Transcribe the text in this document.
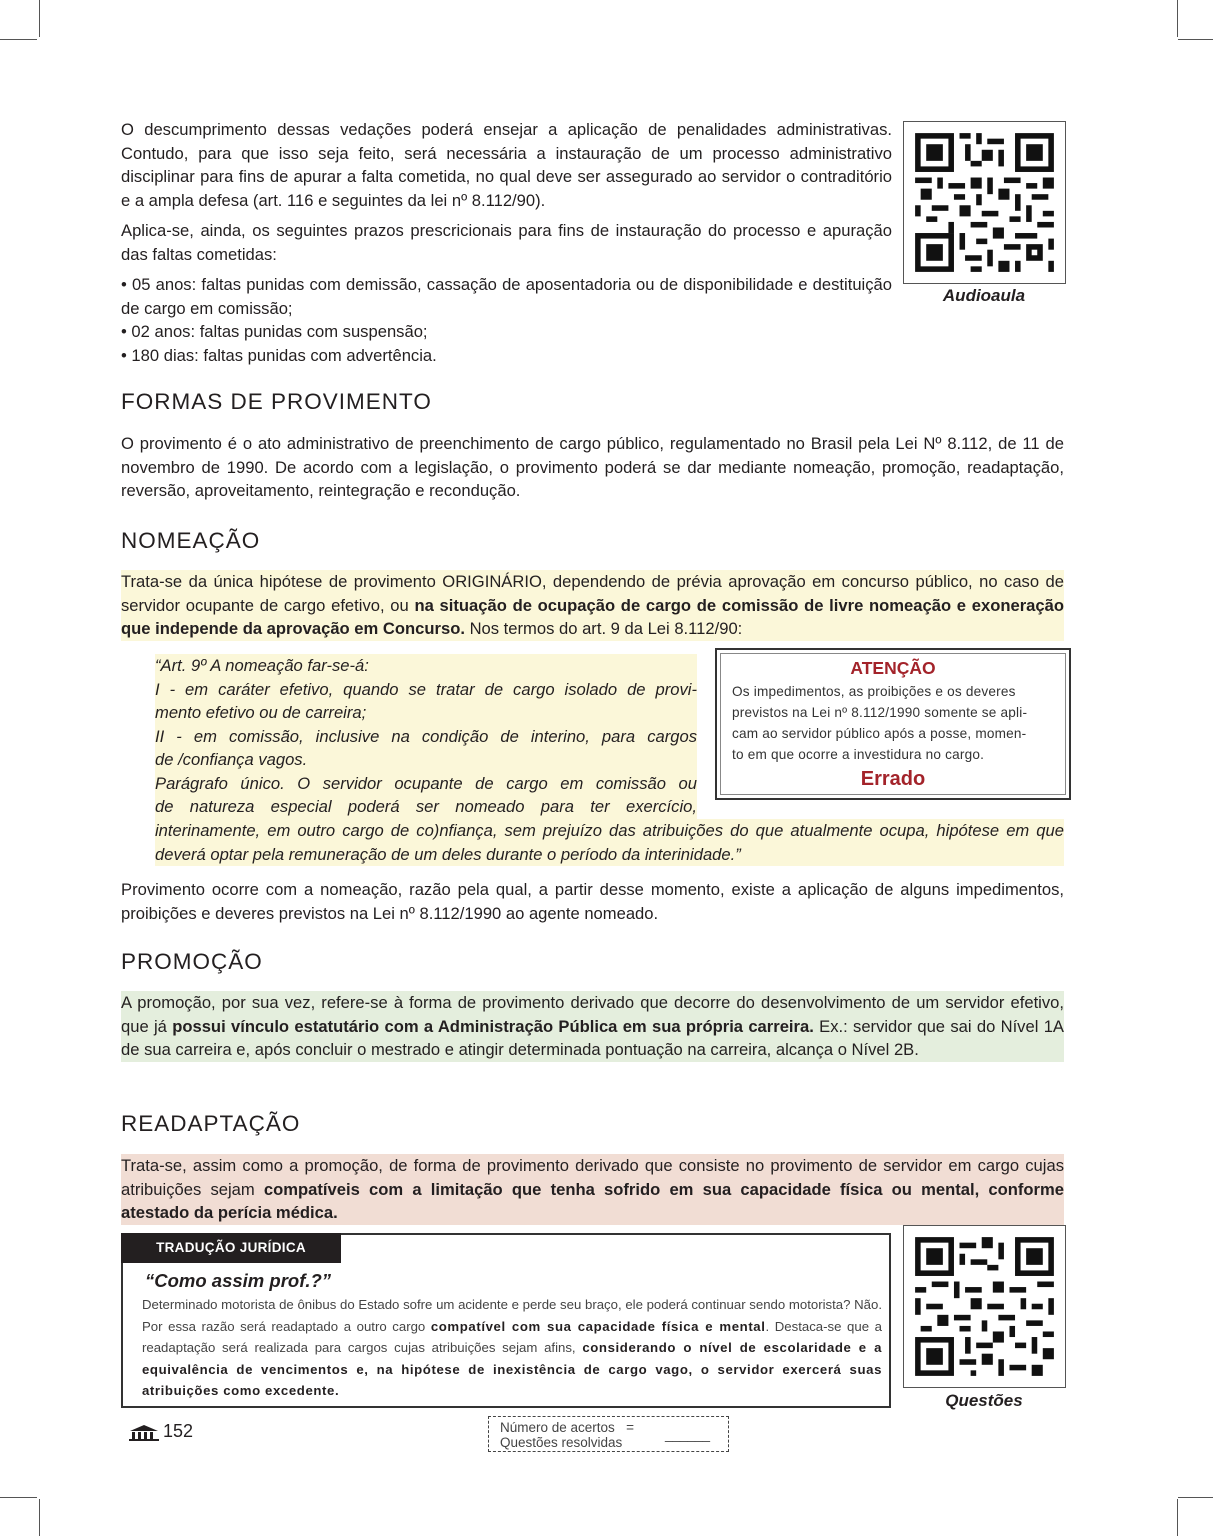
O descumprimento dessas vedações poderá ensejar a aplicação de penalidades administrativas. Contudo, para que isso seja feito, será necessária a instauração de um processo administrativo disciplinar para fins de apurar a falta cometida, no qual deve ser assegurado ao servidor o contraditório e a ampla defesa (art. 116 e seguintes da lei nº 8.112/90).

Aplica-se, ainda, os seguintes prazos prescricionais para fins de instauração do processo e apuração das faltas cometidas:

• 05 anos: faltas punidas com demissão, cassação de aposentadoria ou de disponibilidade e destituição de cargo em comissão;

• 02 anos: faltas punidas com suspensão;

• 180 dias: faltas punidas com advertência.

Audioaula
FORMAS DE PROVIMENTO
O provimento é o ato administrativo de preenchimento de cargo público, regulamentado no Brasil pela Lei Nº 8.112, de 11 de novembro de 1990. De acordo com a legislação, o provimento poderá se dar mediante nomeação, promoção, readaptação, reversão, aproveitamento, reintegração e recondução.
NOMEAÇÃO
Trata-se da única hipótese de provimento ORIGINÁRIO, dependendo de prévia aprovação em concurso público, no caso de servidor ocupante de cargo efetivo, ou na situação de ocupação de cargo de comissão de livre nomeação e exoneração que independe da aprovação em Concurso. Nos termos do art. 9 da Lei 8.112/90:

“Art. 9º A nomeação far-se-á:

I - em caráter efetivo, quando se tratar de cargo isolado de provi-

mento efetivo ou de carreira;

II - em comissão, inclusive na condição de interino, para cargos

de /confiança vagos.

Parágrafo único. O servidor ocupante de cargo em comissão ou

de natureza especial poderá ser nomeado para ter exercício,

interinamente, em outro cargo de co)nfiança, sem prejuízo das atribuições do que atualmente ocupa, hipótese em que deverá optar pela remuneração de um deles durante o período da interinidade.”
ATENÇÃO
Os impedimentos, as proibições e os deveres
previstos na Lei nº 8.112/1990 somente se apli-
cam ao servidor público após a posse, momen-
to em que ocorre a investidura no cargo.
Errado
Provimento ocorre com a nomeação, razão pela qual, a partir desse momento, existe a aplicação de alguns impedimentos, proibições e deveres previstos na Lei nº 8.112/1990 ao agente nomeado.
PROMOÇÃO
A promoção, por sua vez, refere-se à forma de provimento derivado que decorre do desenvolvimento de um servidor efetivo, que já possui vínculo estatutário com a Administração Pública em sua própria carreira. Ex.: servidor que sai do Nível 1A de sua carreira e, após concluir o mestrado e atingir determinada pontuação na carreira, alcança o Nível 2B.
READAPTAÇÃO
Trata-se, assim como a promoção, de forma de provimento derivado que consiste no provimento de servidor em cargo cujas atribuições sejam compatíveis com a limitação que tenha sofrido em sua capacidade física ou mental, conforme atestado da perícia médica.
TRADUÇÃO JURÍDICA
“Como assim prof.?”
Determinado motorista de ônibus do Estado sofre um acidente e perde seu braço, ele poderá continuar sendo motorista? Não. Por essa razão será readaptado a outro cargo compatível com sua capacidade física e mental. Destaca-se que a readaptação será realizada para cargos cujas atribuições sejam afins, considerando o nível de escolaridade e a equivalência de vencimentos e, na hipótese de inexistência de cargo vago, o servidor exercerá suas atribuições como excedente.
Questões
152	Número de acertos =
Questões resolvidas
______
